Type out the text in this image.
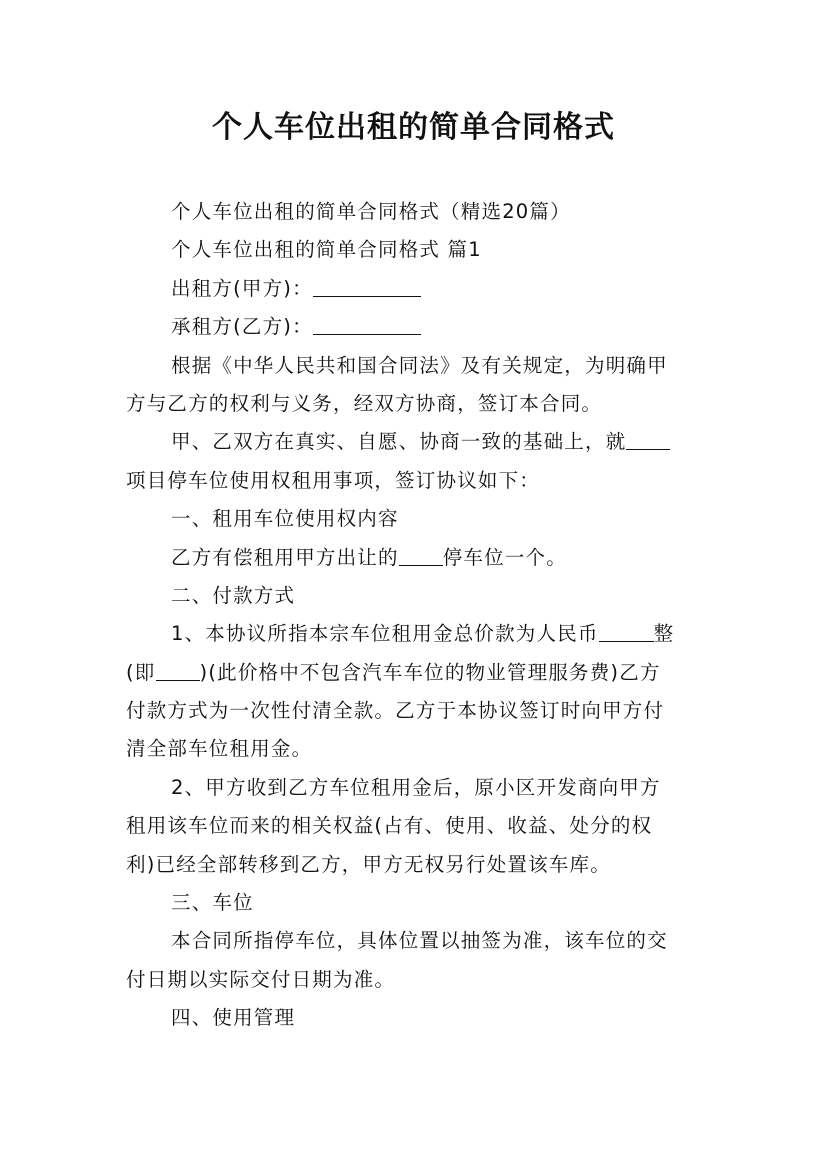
个人车位出租的简单合同格式
个人车位出租的简单合同格式（精选20篇）
个人车位出租的简单合同格式 篇1
出租方(甲方)：
承租方(乙方)：
根据《中华人民共和国合同法》及有关规定，为明确甲
方与乙方的权利与义务，经双方协商，签订本合同。
甲、乙双方在真实、自愿、协商一致的基础上，就
项目停车位使用权租用事项，签订协议如下：
一、租用车位使用权内容
乙方有偿租用甲方出让的 停车位一个。
二、付款方式
1、本协议所指本宗车位租用金总价款为人民币	整
(即 )(此价格中不包含汽车车位的物业管理服务费)乙方
付款方式为一次性付清全款。乙方于本协议签订时向甲方付
清全部车位租用金。
2、甲方收到乙方车位租用金后，原小区开发商向甲方
租用该车位而来的相关权益(占有、使用、收益、处分的权
利)已经全部转移到乙方，甲方无权另行处置该车库。
三、车位
本合同所指停车位，具体位置以抽签为准，该车位的交
付日期以实际交付日期为准。
四、使用管理
